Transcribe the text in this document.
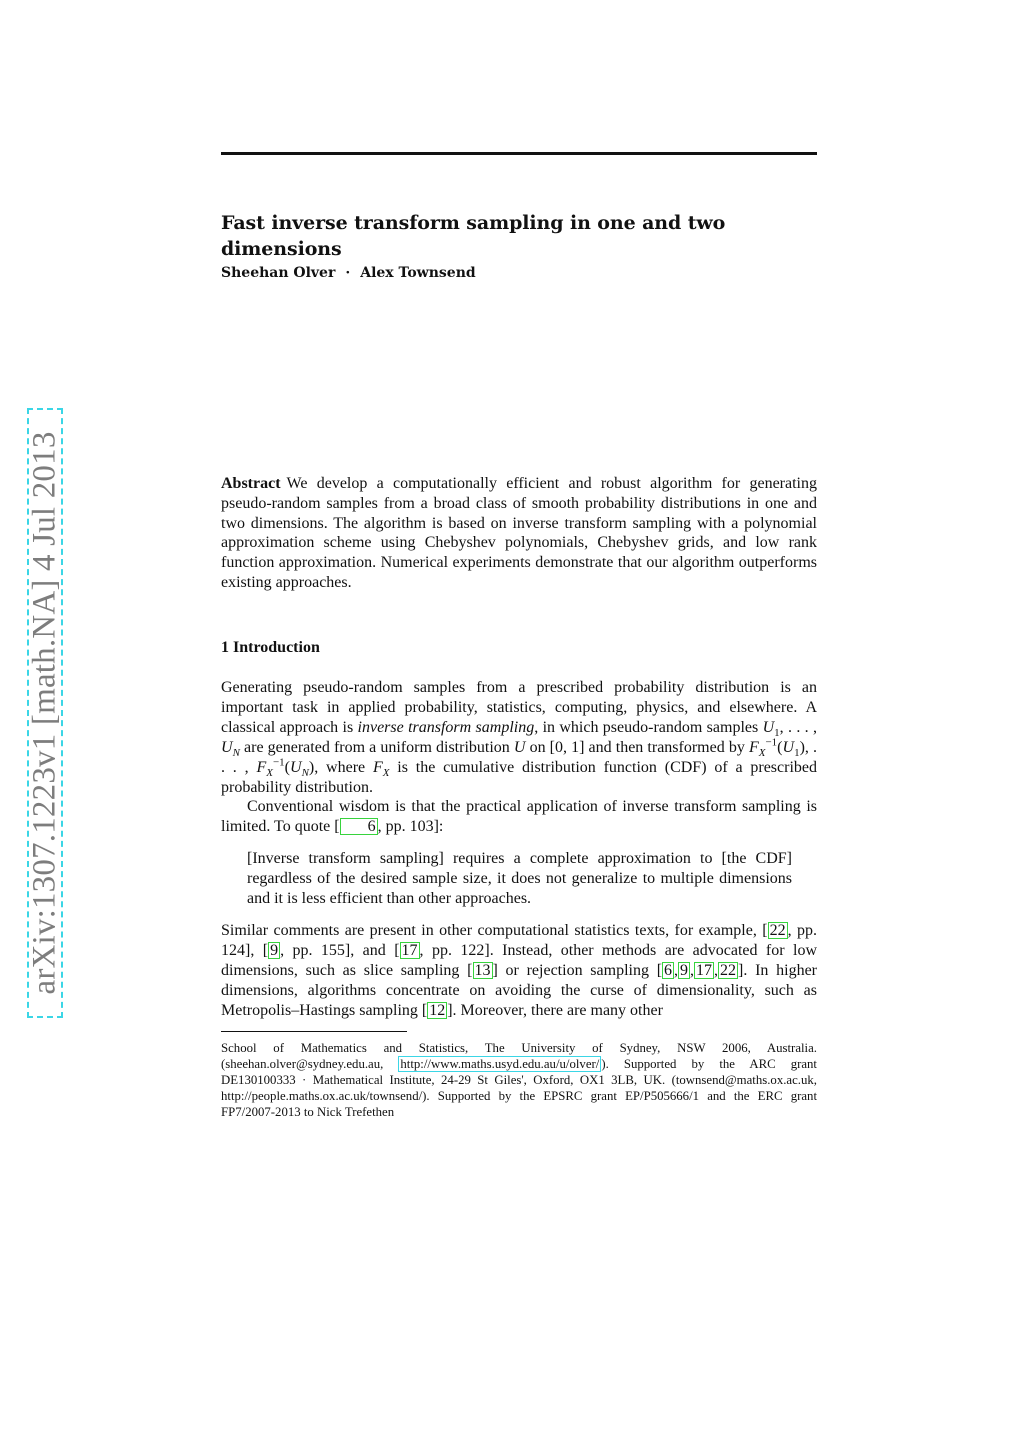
arXiv:1307.1223v1 [math.NA] 4 Jul 2013
Fast inverse transform sampling in one and two dimensions
Sheehan Olver · Alex Townsend
Abstract We develop a computationally efficient and robust algorithm for generating pseudo-random samples from a broad class of smooth probability distributions in one and two dimensions. The algorithm is based on inverse transform sampling with a polynomial approximation scheme using Chebyshev polynomials, Chebyshev grids, and low rank function approximation. Numerical experiments demonstrate that our algorithm outperforms existing approaches.
1 Introduction

Generating pseudo-random samples from a prescribed probability distribution is an important task in applied probability, statistics, computing, physics, and elsewhere. A classical approach is inverse transform sampling, in which pseudo-random samples $U_1$, . . . , $U_N$ are generated from a uniform distribution U on [0, 1] and then transformed by $F_X^{-1}(U_1)$, . . . , $F_X^{-1}(U_N)$, where $F_X$ is the cumulative distribution function (CDF) of a prescribed probability distribution.

Conventional wisdom is that the practical application of inverse transform sampling is limited. To quote [ 6 , pp. 103]:

[Inverse transform sampling] requires a complete approximation to [the CDF] regardless of the desired sample size, it does not generalize to multiple dimensions and it is less efficient than other approaches.

Similar comments are present in other computational statistics texts, for example, [ 22 , pp. 124], [ 9 , pp. 155], and [ 17 , pp. 122]. Instead, other methods are advocated for low dimensions, such as slice sampling [ 13 ] or rejection sampling [ 6 , 9 , 17 , 22 ]. In higher dimensions, algorithms concentrate on avoiding the curse of dimensionality, such as Metropolis–Hastings sampling [ 12 ]. Moreover, there are many other

School of Mathematics and Statistics, The University of Sydney, NSW 2006, Australia. (sheehan.olver@sydney.edu.au, http://www.maths.usyd.edu.au/u/olver/ ). Supported by the ARC grant DE130100333 · Mathematical Institute, 24-29 St Giles', Oxford, OX1 3LB, UK. (townsend@maths.ox.ac.uk, http://people.maths.ox.ac.uk/townsend/). Supported by the EPSRC grant EP/P505666/1 and the ERC grant FP7/2007-2013 to Nick Trefethen
